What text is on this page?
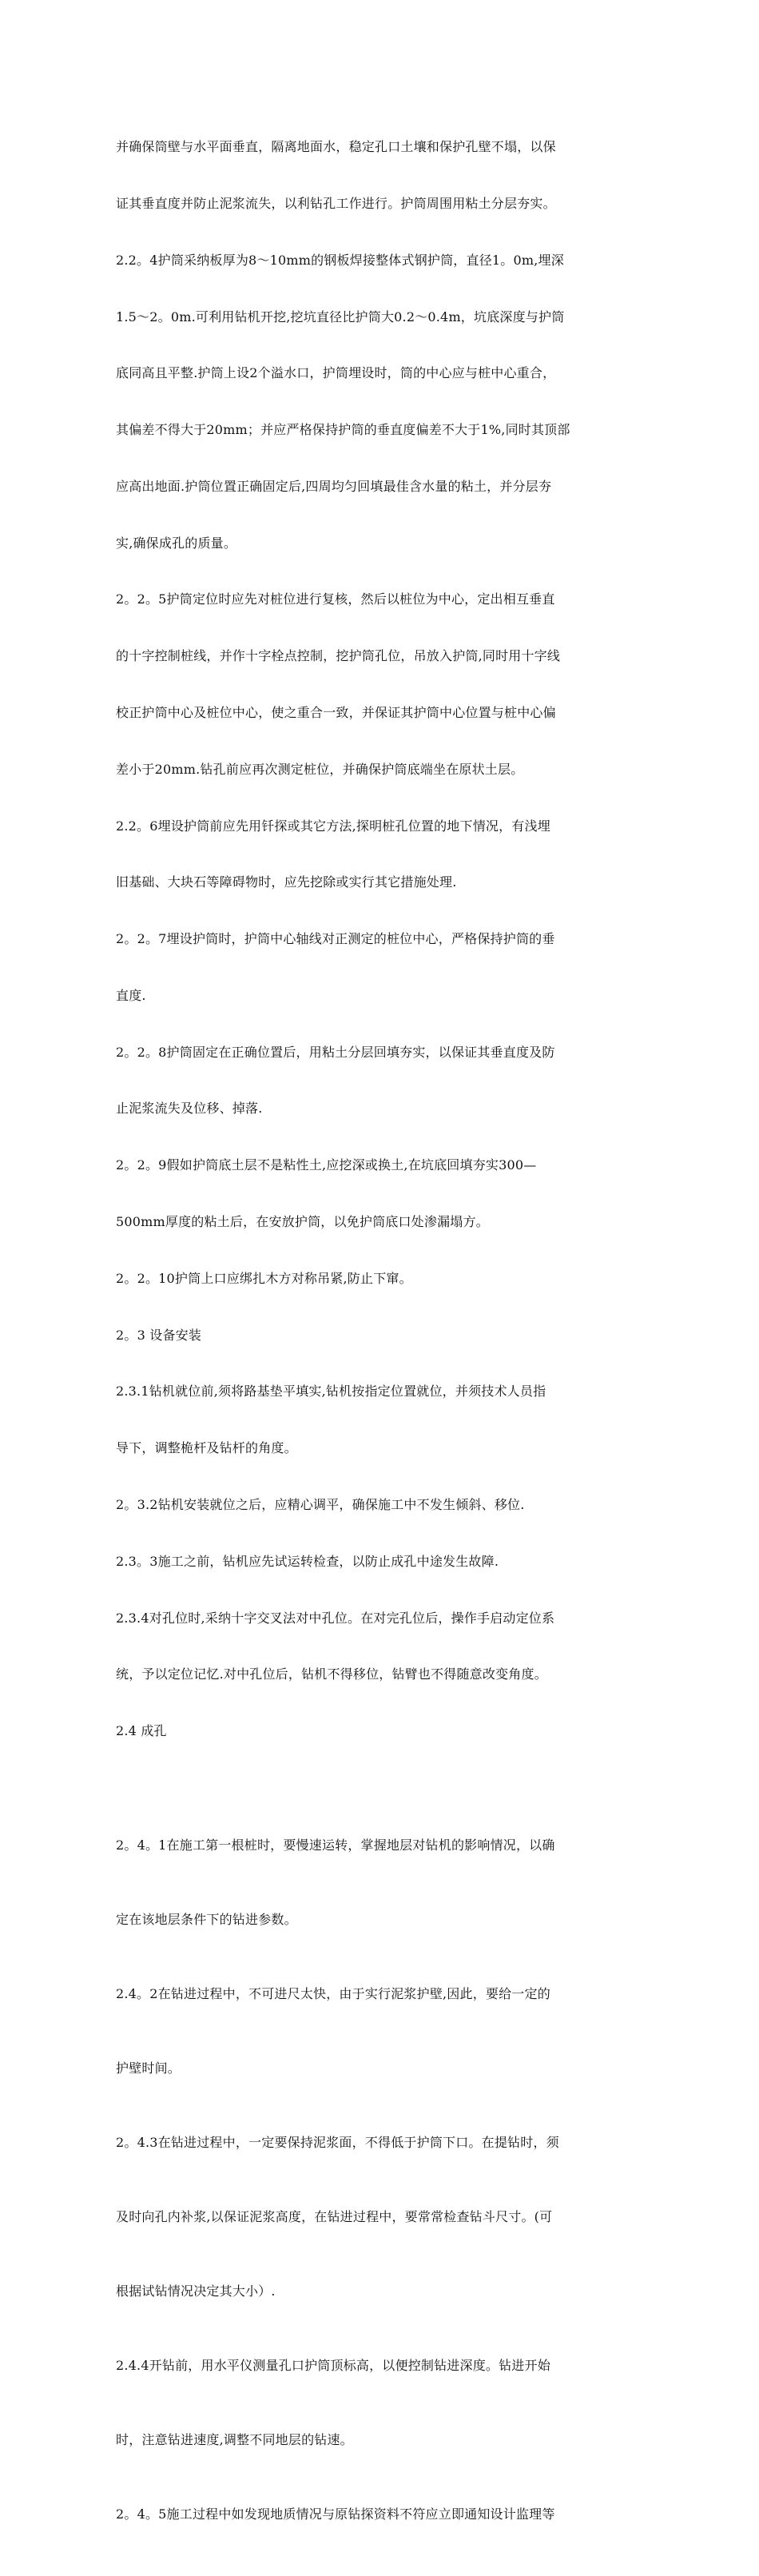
并确保筒壁与水平面垂直，隔离地面水，稳定孔口土壤和保护孔壁不塌，以保

证其垂直度并防止泥浆流失，以利钻孔工作进行。护筒周围用粘土分层夯实。

2.2。4护筒采纳板厚为8～10mm的钢板焊接整体式钢护筒，直径1。0m,埋深

1.5～2。0m.可利用钻机开挖,挖坑直径比护筒大0.2～0.4m，坑底深度与护筒

底同高且平整.护筒上设2个溢水口，护筒埋设时，筒的中心应与桩中心重合，

其偏差不得大于20mm；并应严格保持护筒的垂直度偏差不大于1%,同时其顶部

应高出地面.护筒位置正确固定后,四周均匀回填最佳含水量的粘土，并分层夯

实,确保成孔的质量。

2。2。5护筒定位时应先对桩位进行复核，然后以桩位为中心，定出相互垂直

的十字控制桩线，并作十字栓点控制，挖护筒孔位，吊放入护筒,同时用十字线

校正护筒中心及桩位中心，使之重合一致，并保证其护筒中心位置与桩中心偏

差小于20mm.钻孔前应再次测定桩位，并确保护筒底端坐在原状土层。

2.2。6埋设护筒前应先用钎探或其它方法,探明桩孔位置的地下情况，有浅埋

旧基础、大块石等障碍物时，应先挖除或实行其它措施处理.

2。2。7埋设护筒时，护筒中心轴线对正测定的桩位中心，严格保持护筒的垂

直度.

2。2。8护筒固定在正确位置后，用粘土分层回填夯实，以保证其垂直度及防

止泥浆流失及位移、掉落.

2。2。9假如护筒底土层不是粘性土,应挖深或换土,在坑底回填夯实300—

500mm厚度的粘土后，在安放护筒，以免护筒底口处渗漏塌方。

2。2。10护筒上口应绑扎木方对称吊紧,防止下窜。

2。3 设备安装

2.3.1钻机就位前,须将路基垫平填实,钻机按指定位置就位，并须技术人员指

导下，调整桅杆及钻杆的角度。

2。3.2钻机安装就位之后，应精心调平，确保施工中不发生倾斜、移位.

2.3。3施工之前，钻机应先试运转检查，以防止成孔中途发生故障.

2.3.4对孔位时,采纳十字交叉法对中孔位。在对完孔位后，操作手启动定位系

统，予以定位记忆.对中孔位后，钻机不得移位，钻臂也不得随意改变角度。

2.4 成孔

2。4。1在施工第一根桩时，要慢速运转，掌握地层对钻机的影响情况，以确

定在该地层条件下的钻进参数。

2.4。2在钻进过程中，不可进尺太快，由于实行泥浆护壁,因此，要给一定的

护壁时间。

2。4.3在钻进过程中，一定要保持泥浆面，不得低于护筒下口。在提钻时，须

及时向孔内补浆,以保证泥浆高度，在钻进过程中，要常常检查钻斗尺寸。(可

根据试钻情况决定其大小）.

2.4.4开钻前，用水平仪测量孔口护筒顶标高，以便控制钻进深度。钻进开始

时，注意钻进速度,调整不同地层的钻速。

2。4。5施工过程中如发现地质情况与原钻探资料不符应立即通知设计监理等
